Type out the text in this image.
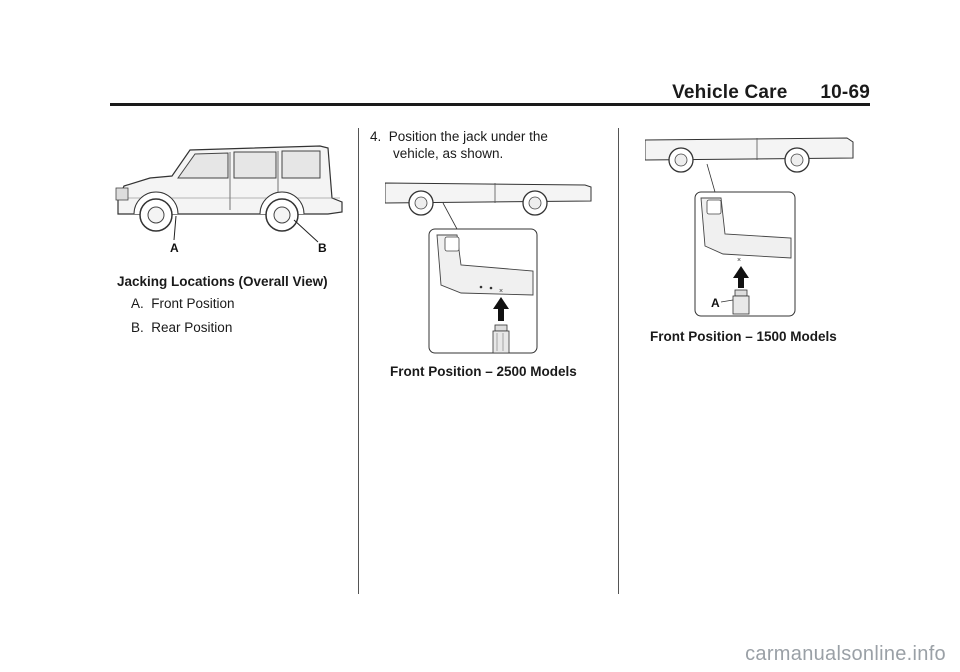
Vehicle Care 10-69
A	B
Jacking Locations (Overall View)
A. Front Position
B. Rear Position
4. Position the jack under the
vehicle, as shown.
×
Front Position – 2500 Models
×
A
Front Position – 1500 Models
carmanualsonline.info
